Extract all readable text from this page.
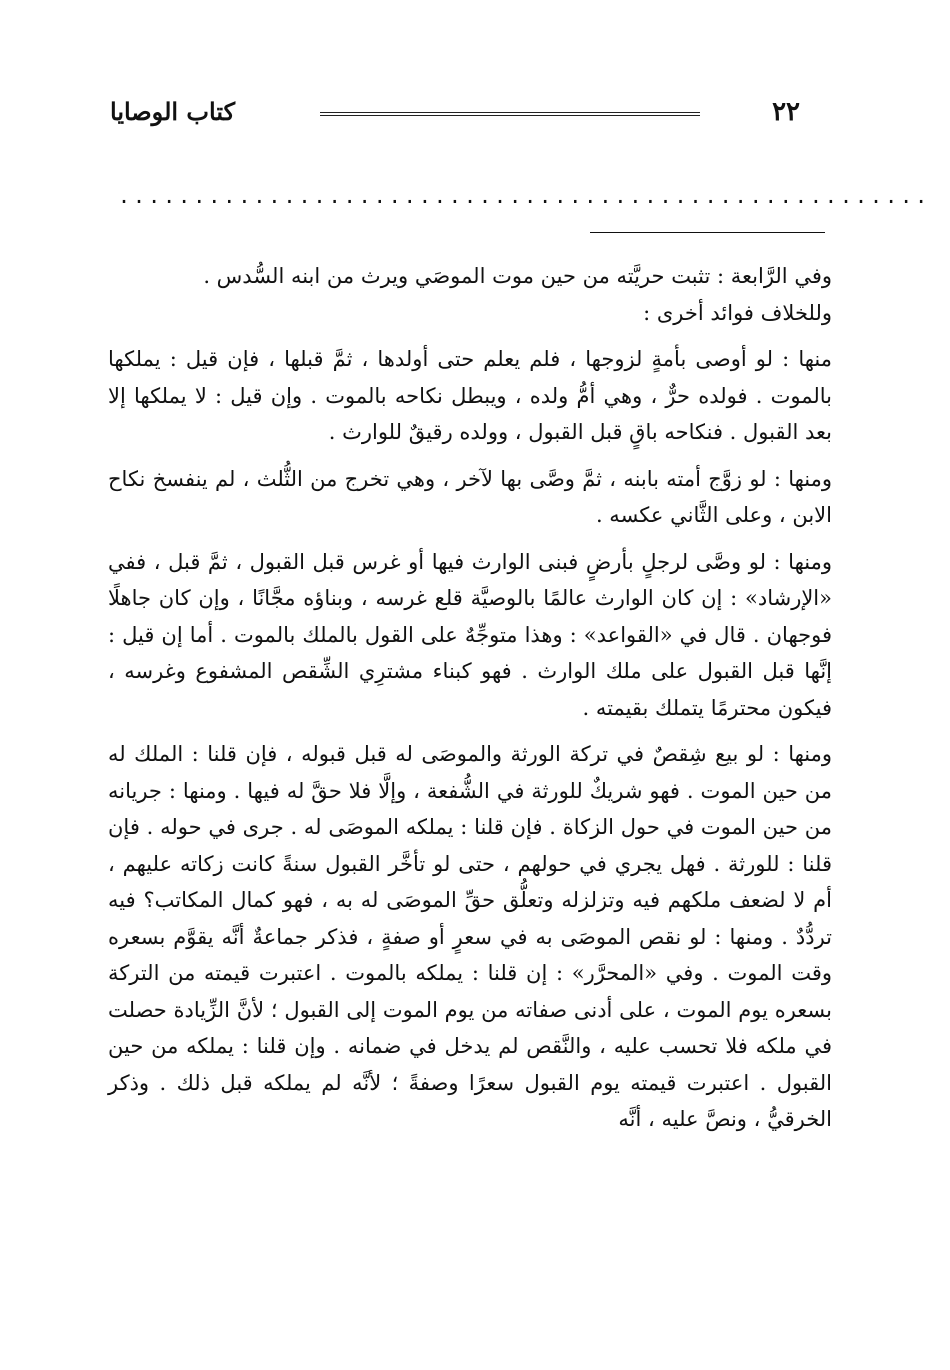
٢٢
كتاب الوصايا
......................................................

وفي الرَّابعة : تثبت حريَّته من حين موت الموصَي ويرث من ابنه السُّدس .

وللخلاف فوائد أخرى :

منها : لو أوصى بأمةٍ لزوجها ، فلم يعلم حتى أولدها ، ثمَّ قبلها ، فإن قيل : يملكها بالموت . فولده حرٌّ ، وهي أمُّ ولده ، ويبطل نكاحه بالموت . وإن قيل : لا يملكها إلا بعد القبول . فنكاحه باقٍ قبل القبول ، وولده رقيقٌ للوارث .

ومنها : لو زوَّج أمته بابنه ، ثمَّ وصَّى بها لآخر ، وهي تخرج من الثُّلث ، لم ينفسخ نكاح الابن ، وعلى الثَّاني عكسه .

ومنها : لو وصَّى لرجلٍ بأرضٍ فبنى الوارث فيها أو غرس قبل القبول ، ثمَّ قبل ، ففي «الإرشاد» : إن كان الوارث عالمًا بالوصيَّة قلع غرسه ، وبناؤه مجَّانًا ، وإن كان جاهلًا فوجهان . قال في «القواعد» : وهذا متوجِّهٌ على القول بالملك بالموت . أما إن قيل : إنَّها قبل القبول على ملك الوارث . فهو كبناء مشترِي الشِّقص المشفوع وغرسه ، فيكون محترمًا يتملك بقيمته .

ومنها : لو بيع شِقصٌ في تركة الورثة والموصَى له قبل قبوله ، فإن قلنا : الملك له من حين الموت . فهو شريكٌ للورثة في الشُّفعة ، وإلَّا فلا حقَّ له فيها . ومنها : جريانه من حين الموت في حول الزكاة . فإن قلنا : يملكه الموصَى له . جرى في حوله . فإن قلنا : للورثة . فهل يجري في حولهم ، حتى لو تأخَّر القبول سنةً كانت زكاته عليهم ، أم لا لضعف ملكهم فيه وتزلزله وتعلُّق حقِّ الموصَى له به ، فهو كمال المكاتب؟ فيه تردُّدٌ . ومنها : لو نقص الموصَى به في سعرٍ أو صفةٍ ، فذكر جماعةٌ أنَّه يقوَّم بسعره وقت الموت . وفي «المحرَّر» : إن قلنا : يملكه بالموت . اعتبرت قيمته من التركة بسعره يوم الموت ، على أدنى صفاته من يوم الموت إلى القبول ؛ لأنَّ الزِّيادة حصلت في ملكه فلا تحسب عليه ، والنَّقص لم يدخل في ضمانه . وإن قلنا : يملكه من حين القبول . اعتبرت قيمته يوم القبول سعرًا وصفةً ؛ لأنَّه لم يملكه قبل ذلك . وذكر الخرقيُّ ، ونصَّ عليه ، أنَّه
